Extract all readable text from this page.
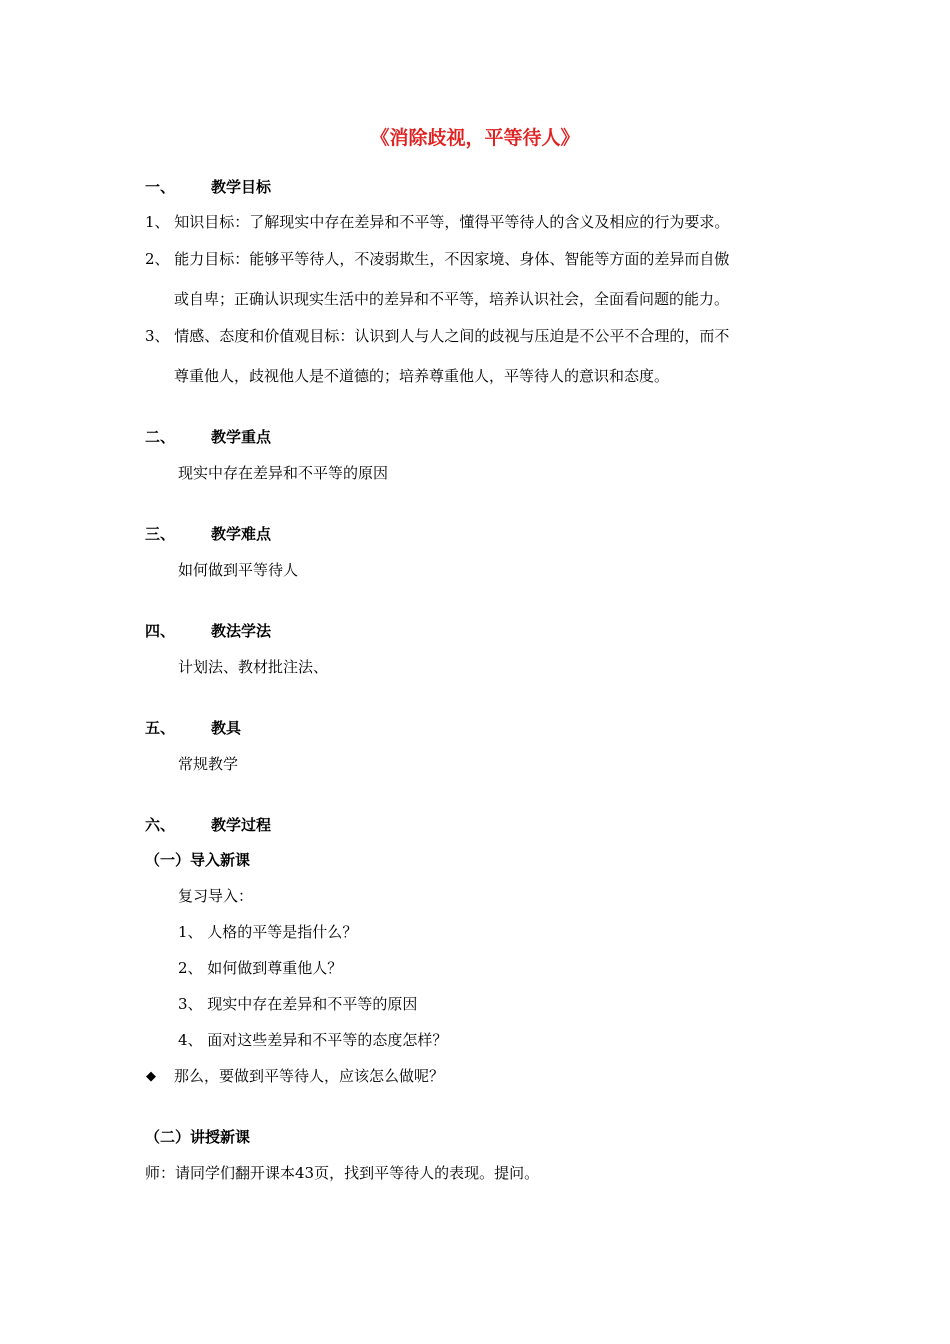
《消除歧视，平等待人》
一、 教学目标
1、 知识目标：了解现实中存在差异和不平等，懂得平等待人的含义及相应的行为要求。
2、 能力目标：能够平等待人，不凌弱欺生，不因家境、身体、智能等方面的差异而自傲
或自卑；正确认识现实生活中的差异和不平等，培养认识社会，全面看问题的能力。
3、 情感、态度和价值观目标：认识到人与人之间的歧视与压迫是不公平不合理的，而不
尊重他人，歧视他人是不道德的；培养尊重他人，平等待人的意识和态度。
二、 教学重点
现实中存在差异和不平等的原因
三、 教学难点
如何做到平等待人
四、 教法学法
计划法、教材批注法、
五、 教具
常规教学
六、 教学过程
（一）导入新课
复习导入：
1、 人格的平等是指什么？
2、 如何做到尊重他人？
3、 现实中存在差异和不平等的原因
4、 面对这些差异和不平等的态度怎样？
◆ 那么，要做到平等待人，应该怎么做呢？
（二）讲授新课
师：请同学们翻开课本43页，找到平等待人的表现。提问。
